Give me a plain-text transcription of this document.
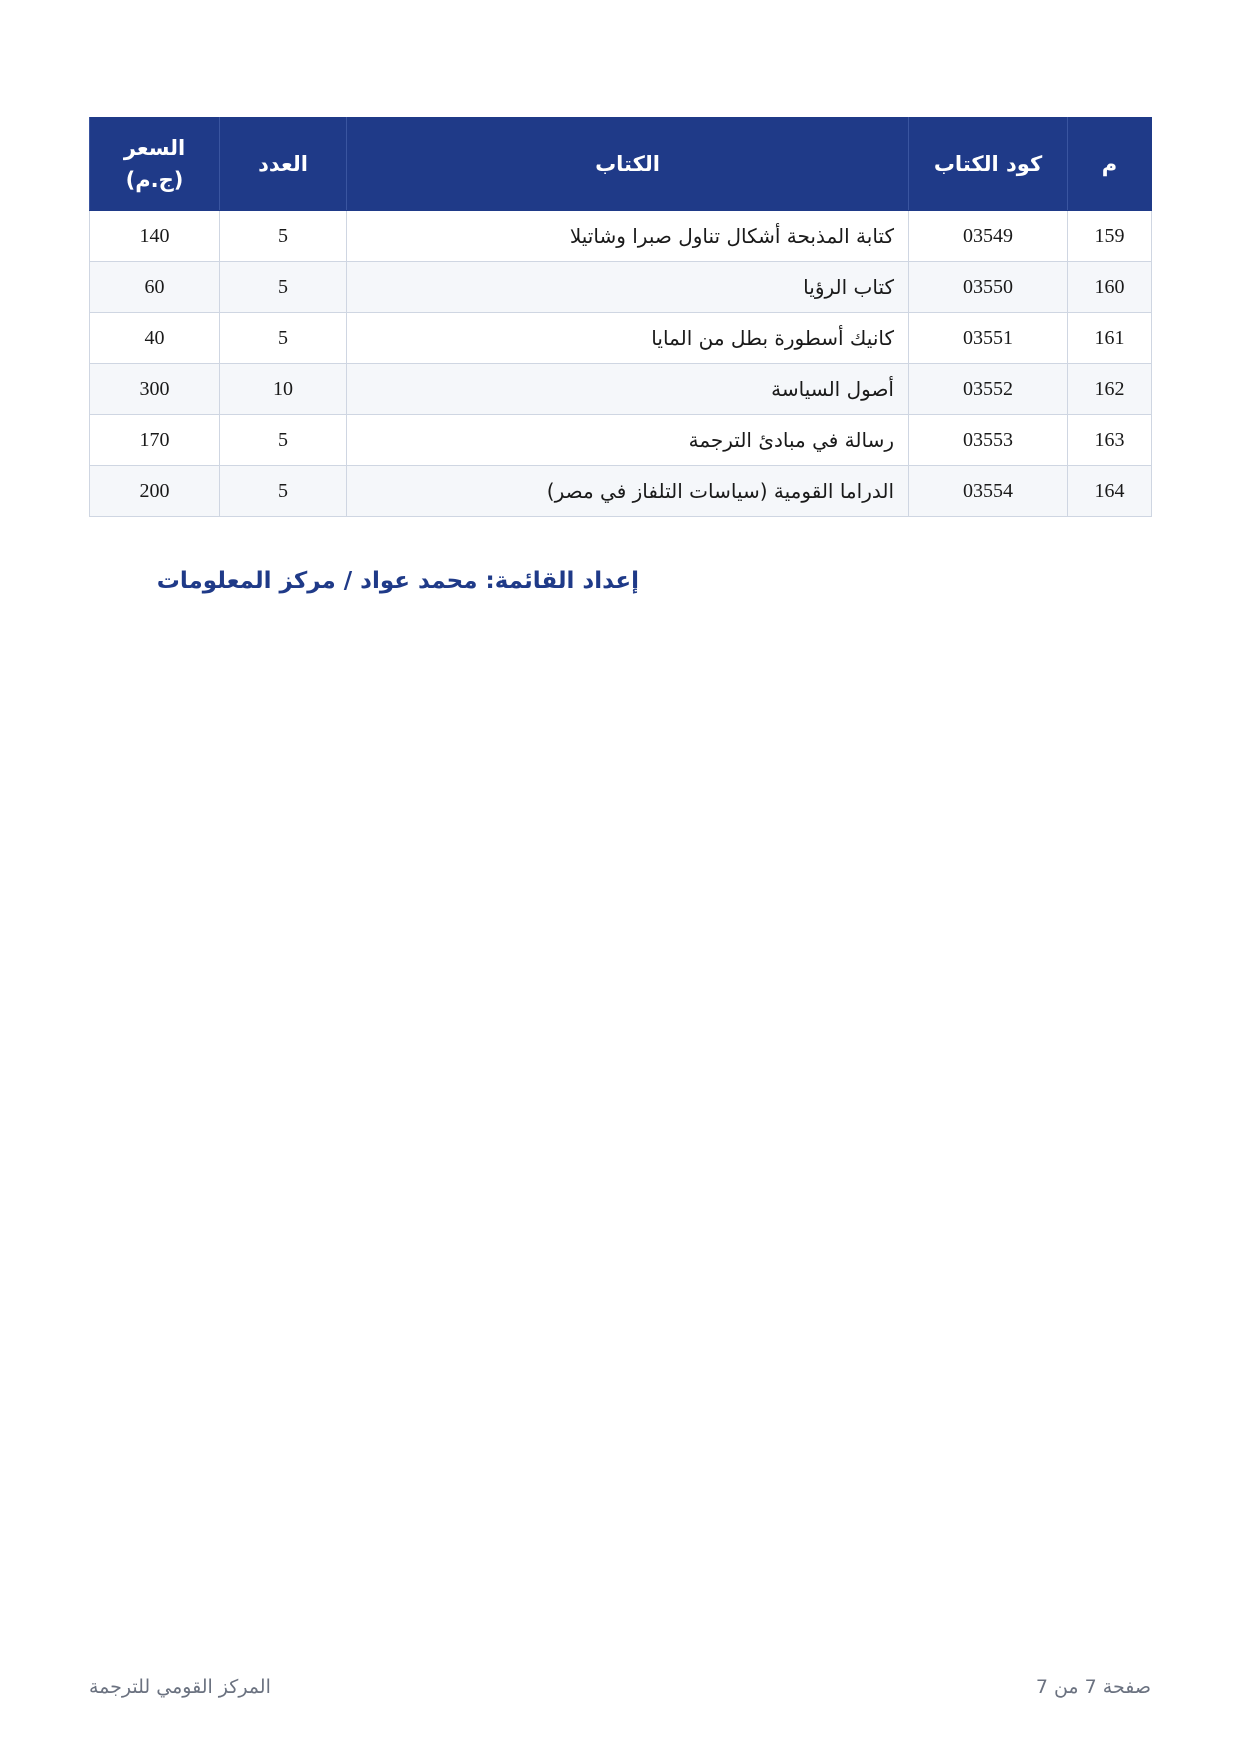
م	كود الكتاب	الكتاب	العدد	السعر
(ج.م)

159	03549	كتابة المذبحة أشكال تناول صبرا وشاتيلا	5	140
160	03550	كتاب الرؤيا	5	60
161	03551	كانيك أسطورة بطل من المايا	5	40
162	03552	أصول السياسة	10	300
163	03553	رسالة في مبادئ الترجمة	5	170
164	03554	الدراما القومية (سياسات التلفاز في مصر)	5	200
إعداد القائمة: محمد عواد / مركز المعلومات
المركز القومي للترجمة	صفحة 7 من 7
